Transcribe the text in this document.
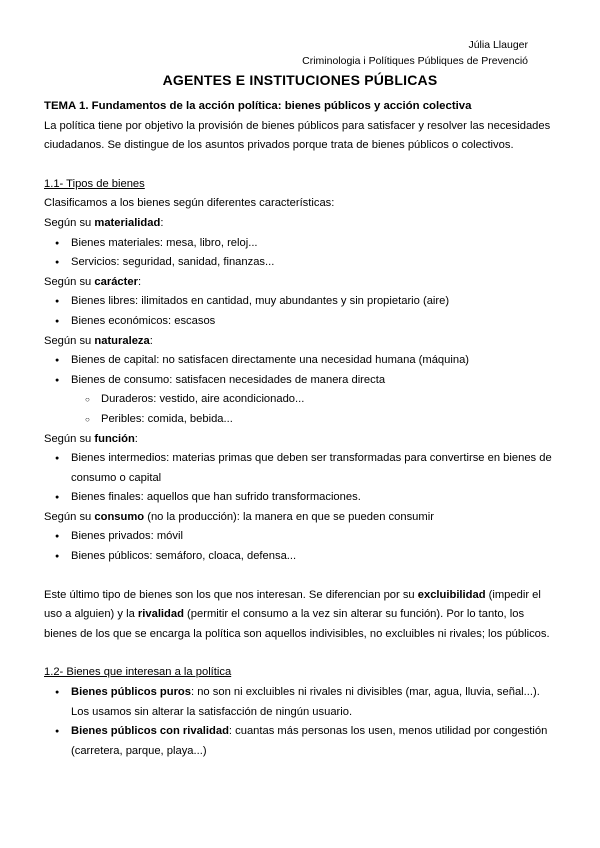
Júlia Llauger
Criminologia i Polítiques Públiques de Prevenció
AGENTES E INSTITUCIONES PÚBLICAS

TEMA 1. Fundamentos de la acción política: bienes públicos y acción colectiva

La política tiene por objetivo la provisión de bienes públicos para satisfacer y resolver las necesidades ciudadanos. Se distingue de los asuntos privados porque trata de bienes públicos o colectivos.

1.1- Tipos de bienes

Clasificamos a los bienes según diferentes características:

Según su materialidad:

● Bienes materiales: mesa, libro, reloj...
● Servicios: seguridad, sanidad, finanzas...

Según su carácter:

● Bienes libres: ilimitados en cantidad, muy abundantes y sin propietario (aire)
● Bienes económicos: escasos

Según su naturaleza:

● Bienes de capital: no satisfacen directamente una necesidad humana (máquina)
● Bienes de consumo: satisfacen necesidades de manera directa
○ Duraderos: vestido, aire acondicionado...
○ Peribles: comida, bebida...

Según su función:

● Bienes intermedios: materias primas que deben ser transformadas para convertirse en bienes de consumo o capital
● Bienes finales: aquellos que han sufrido transformaciones.

Según su consumo (no la producción): la manera en que se pueden consumir

● Bienes privados: móvil
● Bienes públicos: semáforo, cloaca, defensa...

Este último tipo de bienes son los que nos interesan. Se diferencian por su excluibilidad (impedir el uso a alguien) y la rivalidad (permitir el consumo a la vez sin alterar su función). Por lo tanto, los bienes de los que se encarga la política son aquellos indivisibles, no excluibles ni rivales; los públicos.

1.2- Bienes que interesan a la política

● Bienes públicos puros: no son ni excluibles ni rivales ni divisibles (mar, agua, lluvia, señal...). Los usamos sin alterar la satisfacción de ningún usuario.
● Bienes públicos con rivalidad: cuantas más personas los usen, menos utilidad por congestión (carretera, parque, playa...)
